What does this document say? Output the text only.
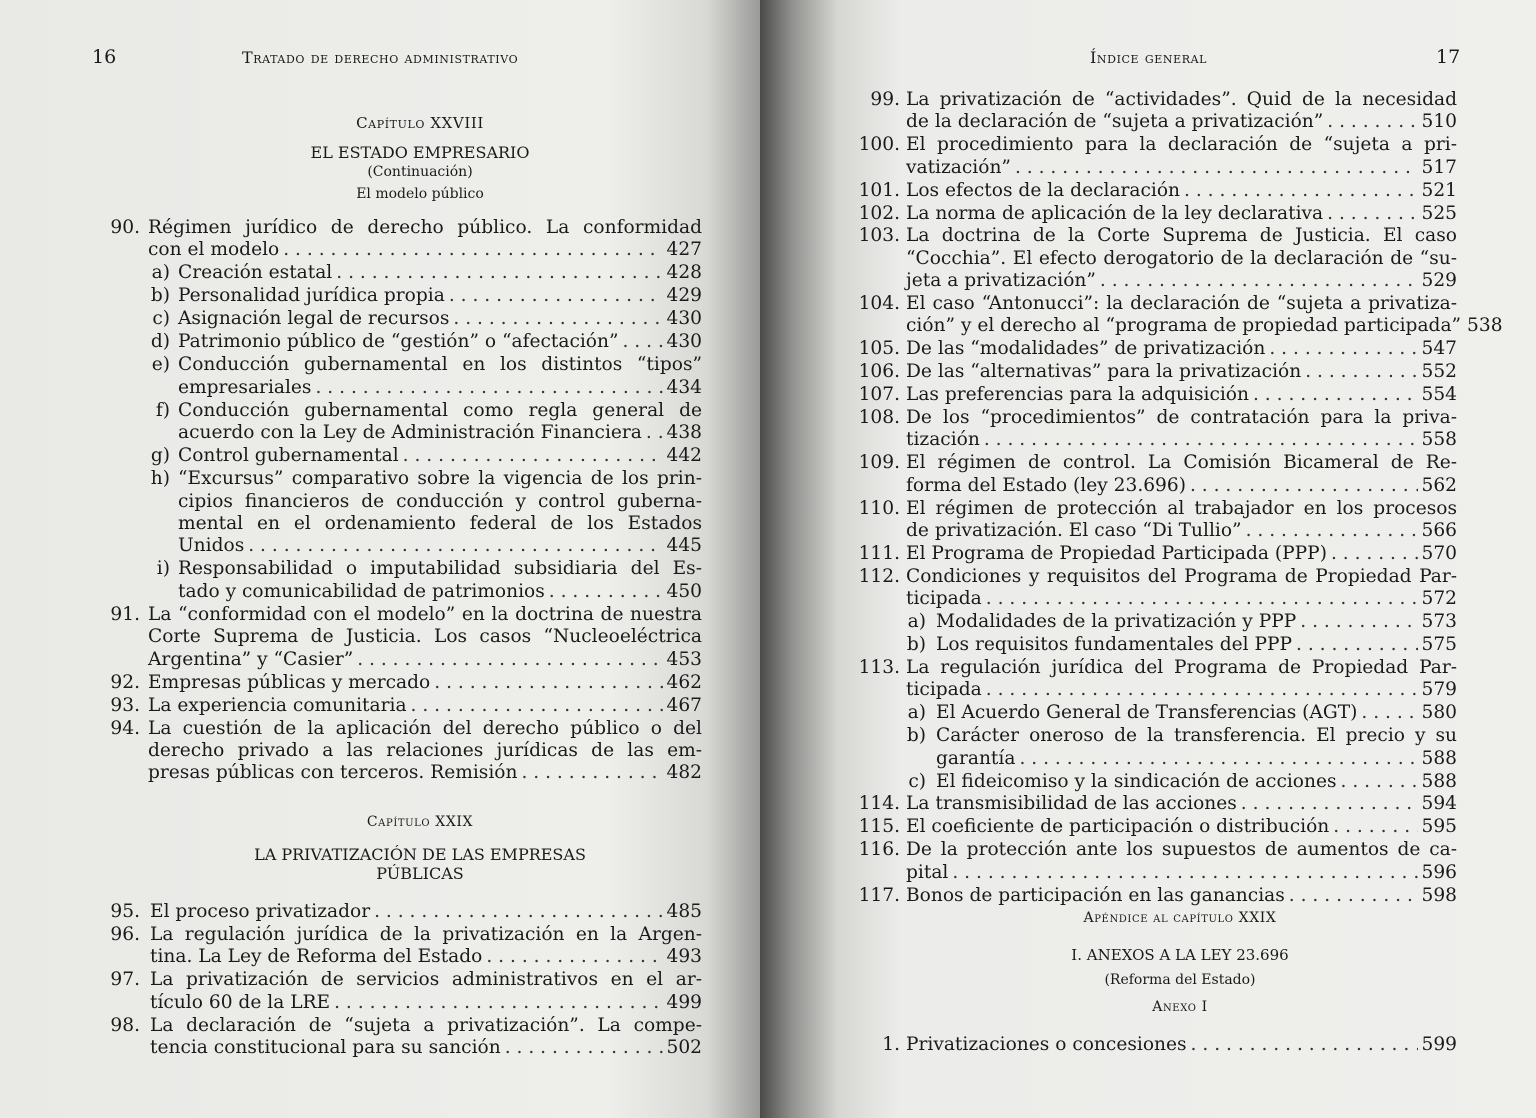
16	Tratado de derecho administrativo
Capítulo XXVIII
EL ESTADO EMPRESARIO
(Continuación)
El modelo público
90. Régimen jurídico de derecho público. La conformidad
con el modelo . . .	427
a) Creación estatal . . .	428
b) Personalidad jurídica propia . . .	429
c) Asignación legal de recursos . . .	430
d) Patrimonio público de “gestión” o “afectación” . . .	430
e) Conducción gubernamental en los distintos “tipos”
empresariales . . .	434
f) Conducción gubernamental como regla general de
acuerdo con la Ley de Administración Financiera . . . 438
g) Control gubernamental . . .	442
h) “Excursus” comparativo sobre la vigencia de los prin-
cipios financieros de conducción y control guberna-
mental en el ordenamiento federal de los Estados
Unidos . . .	445
i) Responsabilidad o imputabilidad subsidiaria del Es-
tado y comunicabilidad de patrimonios . . .	450
91. La “conformidad con el modelo” en la doctrina de nuestra
Corte Suprema de Justicia. Los casos “Nucleoeléctrica
Argentina” y “Casier” . . .	453
92. Empresas públicas y mercado . . .	462
93. La experiencia comunitaria . . .	467
94. La cuestión de la aplicación del derecho público o del
derecho privado a las relaciones jurídicas de las em-
presas públicas con terceros. Remisión . . .	482
Capítulo XXIX
LA PRIVATIZACIÓN DE LAS EMPRESAS
PÚBLICAS
95. El proceso privatizador . . .	485
96. La regulación jurídica de la privatización en la Argen-
tina. La Ley de Reforma del Estado . . .	493
97. La privatización de servicios administrativos en el ar-
tículo 60 de la LRE . . .	499
98. La declaración de “sujeta a privatización”. La compe-
tencia constitucional para su sanción . . .	502
Índice general	17
99. La privatización de “actividades”. Quid de la necesidad
de la declaración de “sujeta a privatización” . . .	510
100. El procedimiento para la declaración de “sujeta a pri-
vatización” . . .	517
101. Los efectos de la declaración . . .	521
102. La norma de aplicación de la ley declarativa . . .	525
103. La doctrina de la Corte Suprema de Justicia. El caso
“Cocchia”. El efecto derogatorio de la declaración de “su-
jeta a privatización” . . .	529
104. El caso “Antonucci”: la declaración de “sujeta a privatiza-
ción” y el derecho al “programa de propiedad participada” 538
105. De las “modalidades” de privatización . . .	547
106. De las “alternativas” para la privatización . . .	552
107. Las preferencias para la adquisición . . .	554
108. De los “procedimientos” de contratación para la priva-
tización . . .	558
109. El régimen de control. La Comisión Bicameral de Re-
forma del Estado (ley 23.696) . . .	562
110. El régimen de protección al trabajador en los procesos
de privatización. El caso “Di Tullio” . . .	566
111. El Programa de Propiedad Participada (PPP) . . .	570
112. Condiciones y requisitos del Programa de Propiedad Par-
ticipada . . .	572
a) Modalidades de la privatización y PPP . . .	573
b) Los requisitos fundamentales del PPP . . .	575
113. La regulación jurídica del Programa de Propiedad Par-
ticipada . . .	579
a) El Acuerdo General de Transferencias (AGT) . . .	580
b) Carácter oneroso de la transferencia. El precio y su
garantía . . .	588
c) El fideicomiso y la sindicación de acciones . . .	588
114. La transmisibilidad de las acciones . . .	594
115. El coeficiente de participación o distribución . . .	595
116. De la protección ante los supuestos de aumentos de ca-
pital . . .	596
117. Bonos de participación en las ganancias . . .	598
Apéndice al capítulo XXIX
I. ANEXOS A LA LEY 23.696
(Reforma del Estado)
Anexo I
1. Privatizaciones o concesiones . . .	599
